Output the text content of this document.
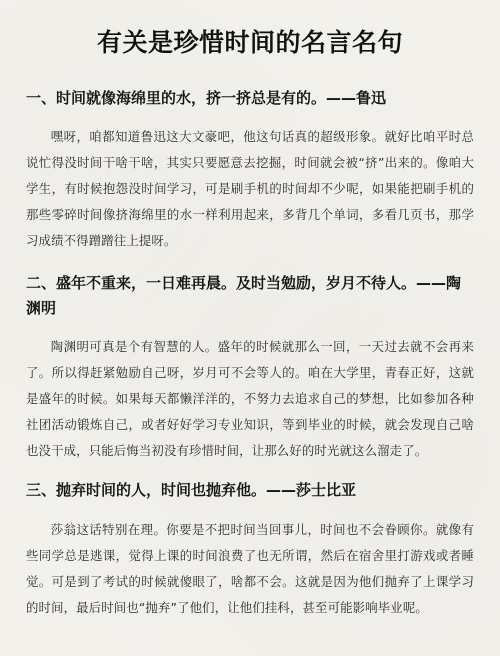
有关是珍惜时间的名言名句
一、时间就像海绵里的水，挤一挤总是有的。——鲁迅

嘿呀，咱都知道鲁迅这大文豪吧，他这句话真的超级形象。就好比咱平时总说忙得没时间干啥干啥，其实只要愿意去挖掘，时间就会被“挤”出来的。像咱大学生，有时候抱怨没时间学习，可是刷手机的时间却不少呢，如果能把刷手机的那些零碎时间像挤海绵里的水一样利用起来，多背几个单词，多看几页书，那学习成绩不得蹭蹭往上提呀。

二、盛年不重来，一日难再晨。及时当勉励，岁月不待人。——陶渊明

陶渊明可真是个有智慧的人。盛年的时候就那么一回，一天过去就不会再来了。所以得赶紧勉励自己呀，岁月可不会等人的。咱在大学里，青春正好，这就是盛年的时候。如果每天都懒洋洋的，不努力去追求自己的梦想，比如参加各种社团活动锻炼自己，或者好好学习专业知识，等到毕业的时候，就会发现自己啥也没干成，只能后悔当初没有珍惜时间，让那么好的时光就这么溜走了。

三、抛弃时间的人，时间也抛弃他。——莎士比亚

莎翁这话特别在理。你要是不把时间当回事儿，时间也不会眷顾你。就像有些同学总是逃课，觉得上课的时间浪费了也无所谓，然后在宿舍里打游戏或者睡觉。可是到了考试的时候就傻眼了，啥都不会。这就是因为他们抛弃了上课学习的时间，最后时间也“抛弃”了他们，让他们挂科，甚至可能影响毕业呢。
